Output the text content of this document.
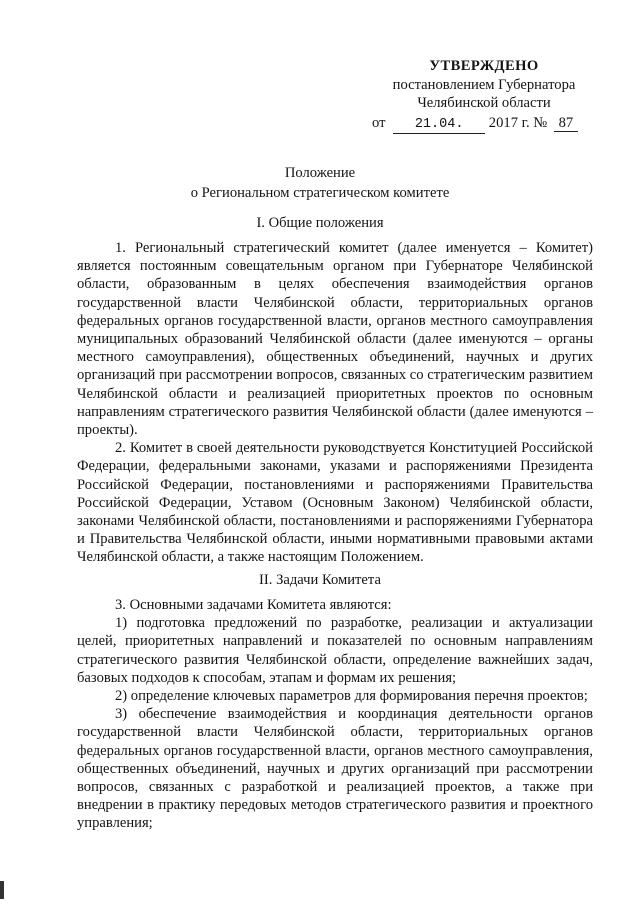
УТВЕРЖДЕНО
постановлением Губернатора
Челябинской области
от 21.04. 2017 г. № 87
Положение
о Региональном стратегическом комитете
I. Общие положения

1. Региональный стратегический комитет (далее именуется – Комитет) является постоянным совещательным органом при Губернаторе Челябинской области, образованным в целях обеспечения взаимодействия органов государственной власти Челябинской области, территориальных органов федеральных органов государственной власти, органов местного самоуправления муниципальных образований Челябинской области (далее именуются – органы местного самоуправления), общественных объединений, научных и других организаций при рассмотрении вопросов, связанных со стратегическим развитием Челябинской области и реализацией приоритетных проектов по основным направлениям стратегического развития Челябинской области (далее именуются – проекты).

2. Комитет в своей деятельности руководствуется Конституцией Российской Федерации, федеральными законами, указами и распоряжениями Президента Российской Федерации, постановлениями и распоряжениями Правительства Российской Федерации, Уставом (Основным Законом) Челябинской области, законами Челябинской области, постановлениями и распоряжениями Губернатора и Правительства Челябинской области, иными нормативными правовыми актами Челябинской области, а также настоящим Положением.

II. Задачи Комитета

3. Основными задачами Комитета являются:

1) подготовка предложений по разработке, реализации и актуализации целей, приоритетных направлений и показателей по основным направлениям стратегического развития Челябинской области, определение важнейших задач, базовых подходов к способам, этапам и формам их решения;

2) определение ключевых параметров для формирования перечня проектов;

3) обеспечение взаимодействия и координация деятельности органов государственной власти Челябинской области, территориальных органов федеральных органов государственной власти, органов местного самоуправления, общественных объединений, научных и других организаций при рассмотрении вопросов, связанных с разработкой и реализацией проектов, а также при внедрении в практику передовых методов стратегического развития и проектного управления;
